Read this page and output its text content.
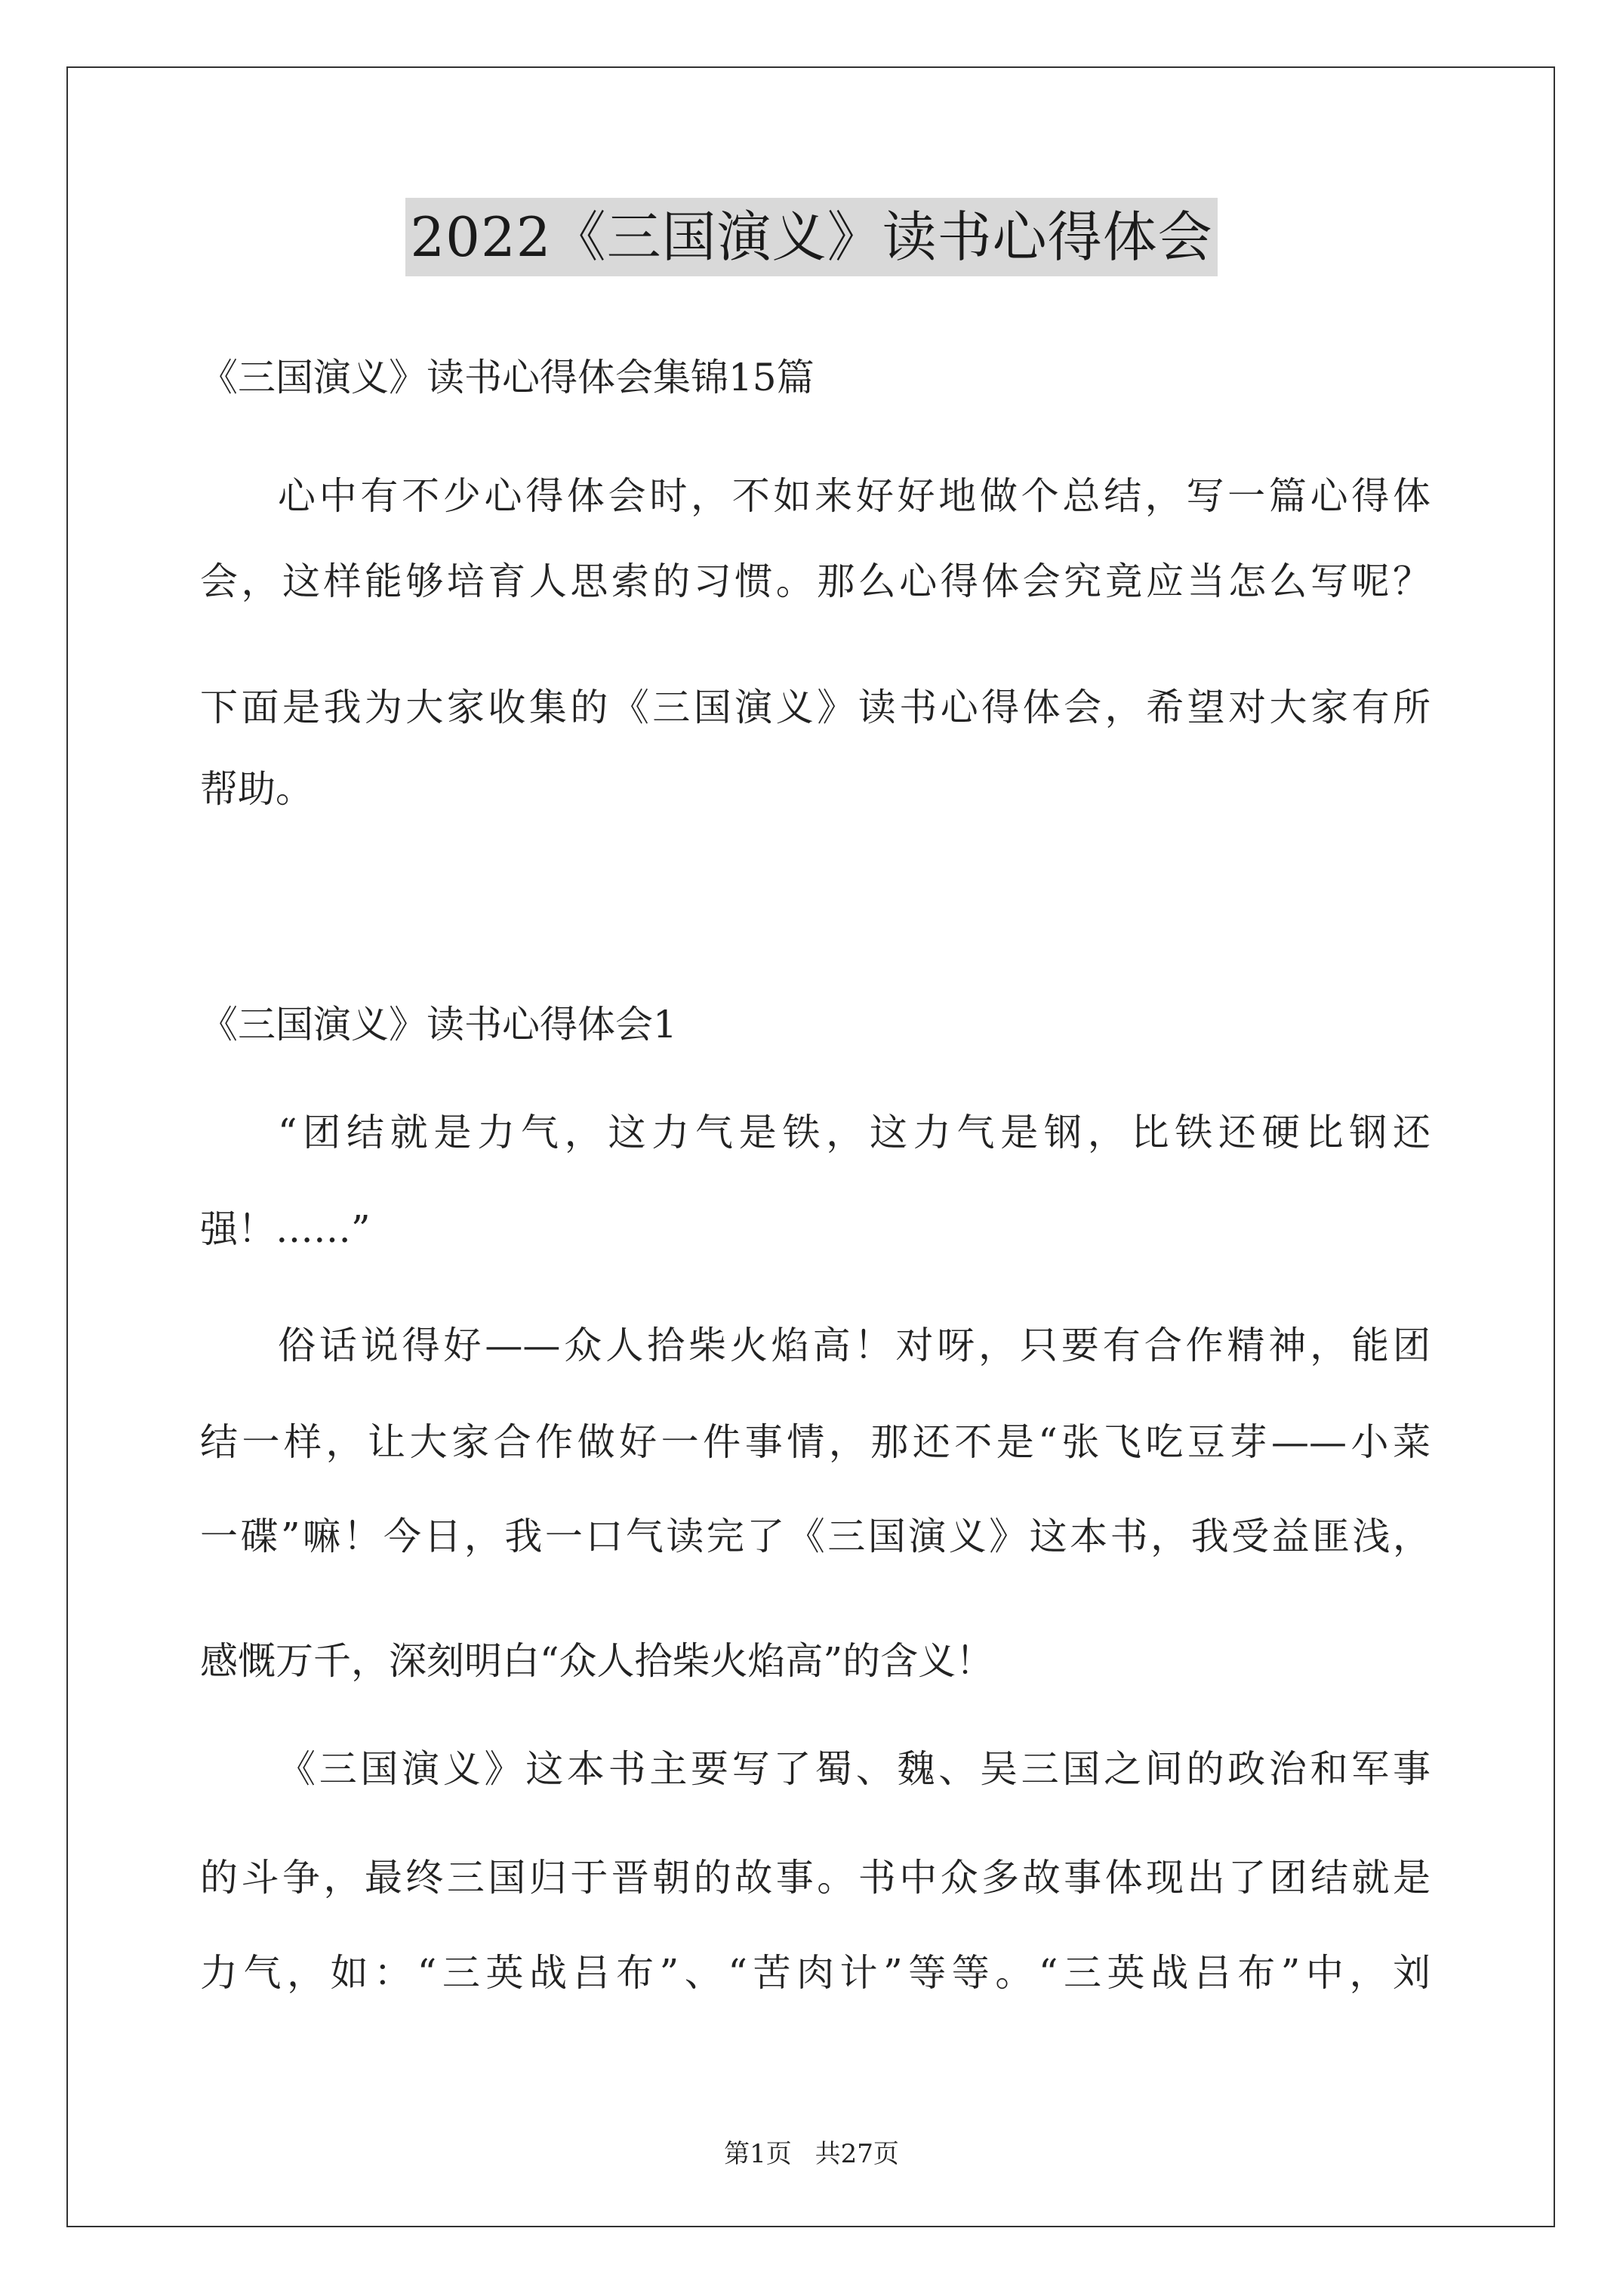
2022《三国演义》读书心得体会
《三国演义》读书心得体会集锦15篇
心中有不少心得体会时，不如来好好地做个总结，写一篇心得体
会，这样能够培育人思索的习惯。那么心得体会究竟应当怎么写呢？
下面是我为大家收集的《三国演义》读书心得体会，希望对大家有所
帮助。
《三国演义》读书心得体会1
“团结就是力气，这力气是铁，这力气是钢，比铁还硬比钢还
强！……”
俗话说得好——众人拾柴火焰高！对呀，只要有合作精神，能团
结一样，让大家合作做好一件事情，那还不是“张飞吃豆芽——小菜
一碟”嘛！今日，我一口气读完了《三国演义》这本书，我受益匪浅，
感慨万千，深刻明白“众人拾柴火焰高”的含义！
《三国演义》这本书主要写了蜀、魏、吴三国之间的政治和军事
的斗争，最终三国归于晋朝的故事。书中众多故事体现出了团结就是
力气，如：“三英战吕布”、“苦肉计”等等。“三英战吕布”中，刘
第1页 共27页
